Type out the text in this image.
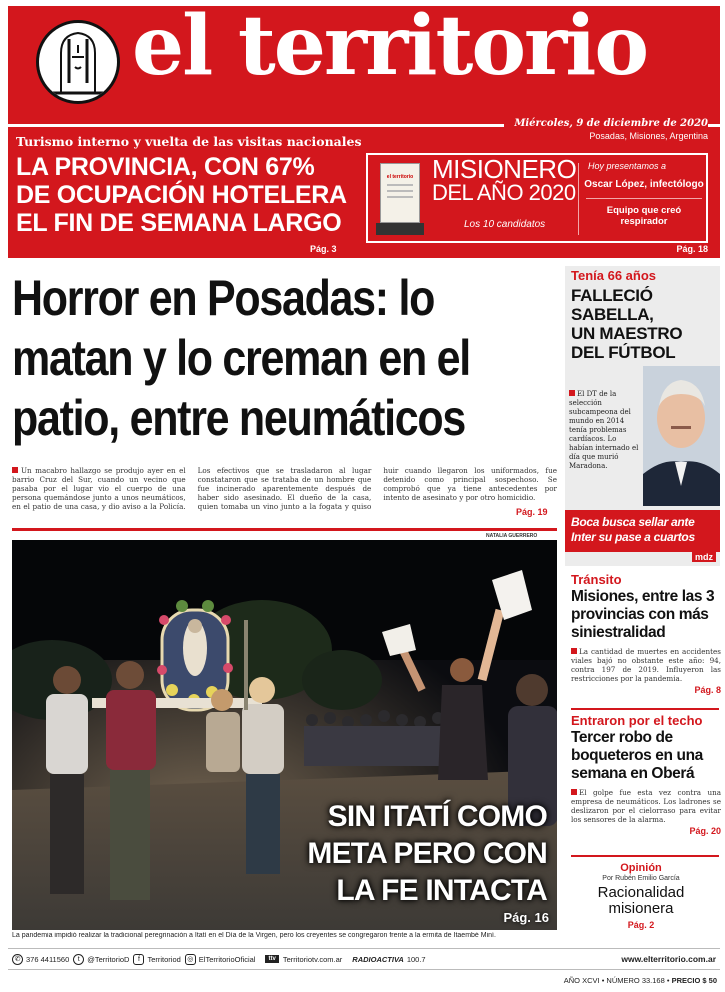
el territorio
Miércoles, 9 de diciembre de 2020
Posadas, Misiones, Argentina
Turismo interno y vuelta de las visitas nacionales
LA PROVINCIA, CON 67%
DE OCUPACIÓN HOTELERA
EL FIN DE SEMANA LARGO
Pág. 3
el territorio MISIONERO
DEL AÑO 2020
Los 10 candidatos
Hoy presentamos a
Oscar López, infectólogo
Equipo que creó respirador
Pág. 18
Horror en Posadas: lo
matan y lo creman en el
patio, entre neumáticos
Un macabro hallazgo se produjo ayer en el barrio Cruz del Sur, cuando un vecino que pasaba por el lugar vio el cuerpo de una persona quemándose junto a unos neumáticos, en el patio de una casa, y dio aviso a la Policía. Los efectivos que se trasladaron al lugar constataron que se trataba de un hombre que fue incinerado aparentemente después de haber sido asesinado. El dueño de la casa, quien tomaba un vino junto a la fogata y quiso huir cuando llegaron los uniformados, fue detenido como principal sospechoso. Se comprobó que ya tiene antecedentes por intento de asesinato y por otro homicidio.
Pág. 19
NATALIA GUERRERO
SIN ITATÍ COMO
META PERO CON
LA FE INTACTA
Pág. 16
La pandemia impidió realizar la tradicional peregrinación a Itatí en el Día de la Virgen, pero los creyentes se congregaron frente a la ermita de Itaembé Miní.
Tenía 66 años
FALLECIÓ
SABELLA,
UN MAESTRO
DEL FÚTBOL
El DT de la selección subcampeona del mundo en 2014 tenía problemas cardíacos. Lo habían internado el día que murió Maradona.
Boca busca sellar ante Inter su pase a cuartos
mdz
Tránsito
Misiones, entre las 3 provincias con más siniestralidad
La cantidad de muertes en accidentes viales bajó no obstante este año: 94, contra 197 de 2019. Influyeron las restricciones por la pandemia.
Pág. 8
Entraron por el techo
Tercer robo de boqueteros en una semana en Oberá
El golpe fue esta vez contra una empresa de neumáticos. Los ladrones se deslizaron por el cielorraso para evitar los sensores de la alarma.
Pág. 20
Opinión
Por Rubén Emilio García
Racionalidad
misionera
Pág. 2
✆ 376 4411560	t	@TerritorioD	f	Territoriod ◎ ElTerritorioOficial	ttv Territoriotv.com.ar RADIOACTIVA 100.7	www.elterritorio.com.ar
AÑO XCVI • NÚMERO 33.168 • PRECIO $ 50
